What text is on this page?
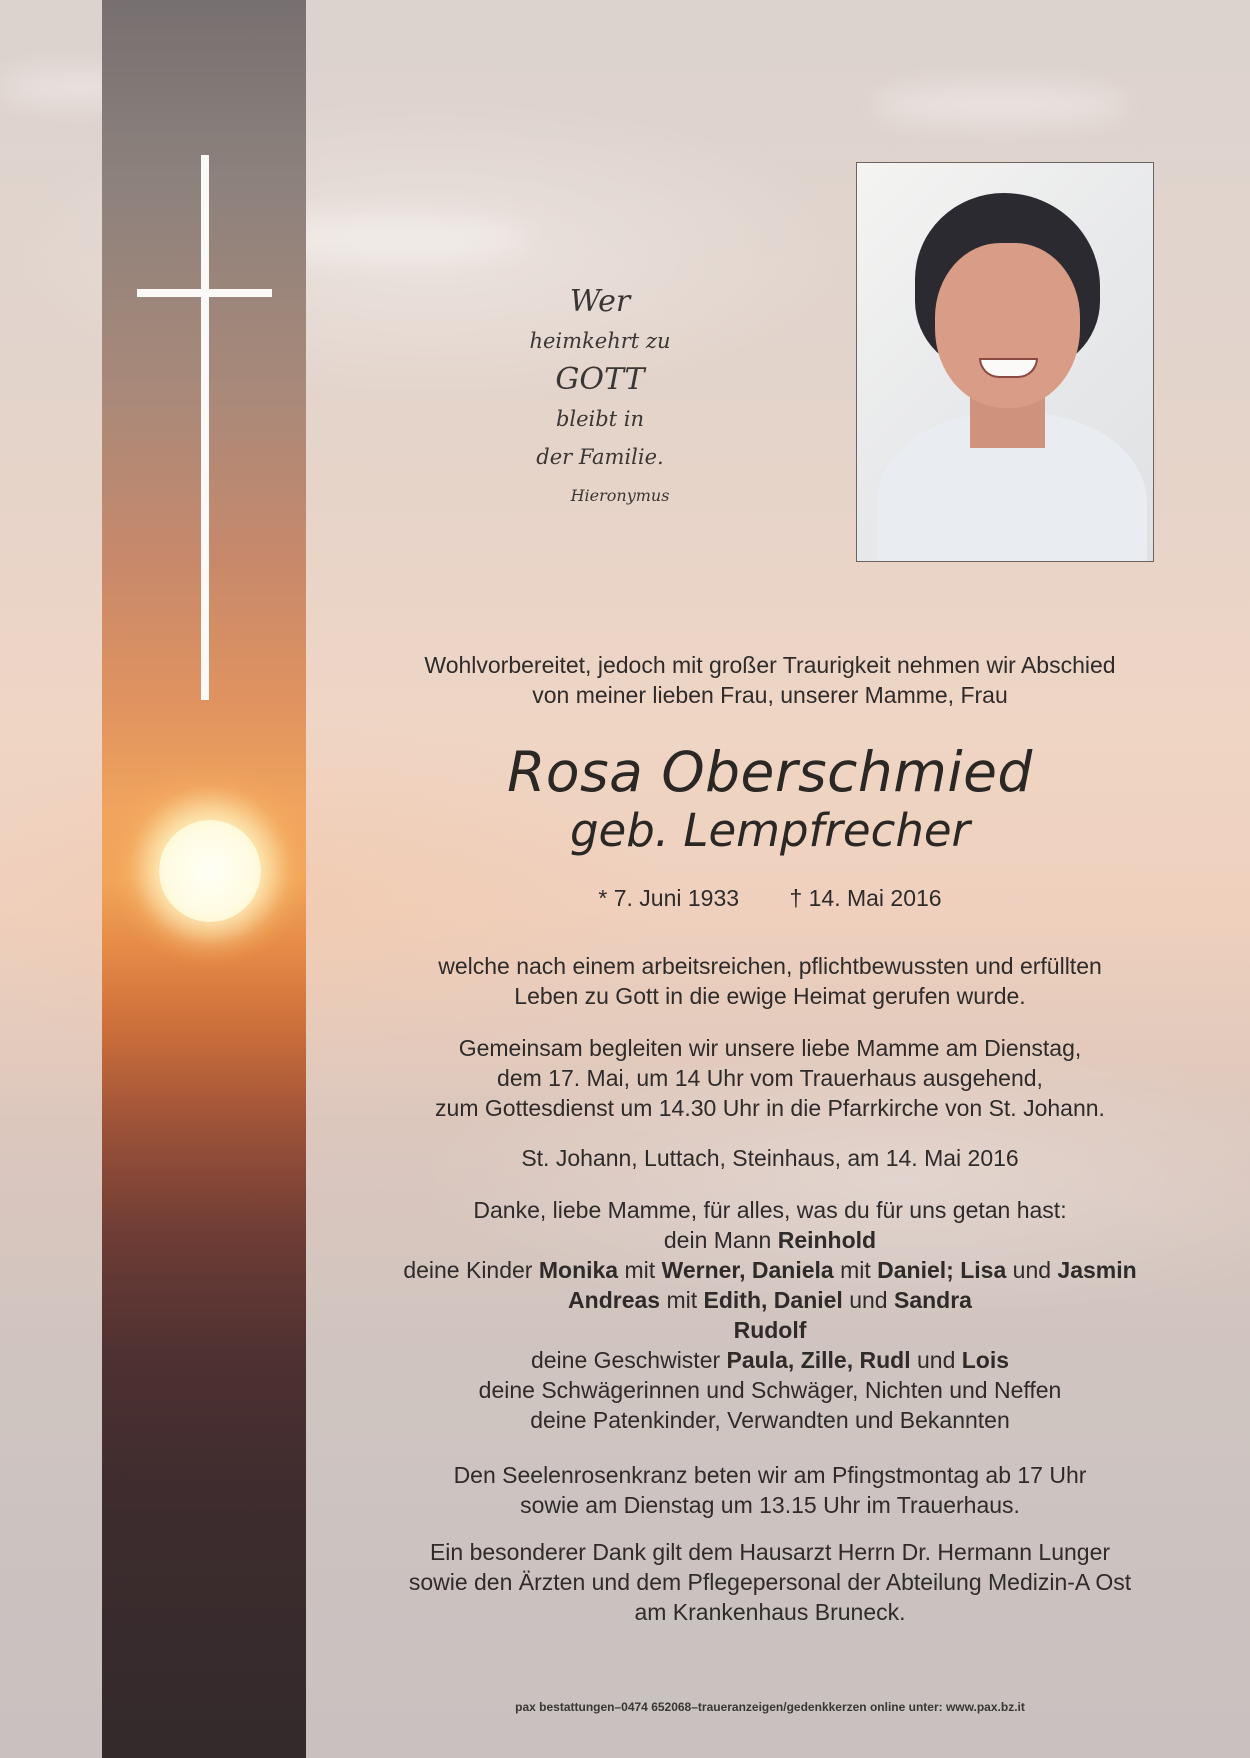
Wer
heimkehrt zu
GOTT
bleibt in
der Familie.
Hieronymus
Wohlvorbereitet, jedoch mit großer Traurigkeit nehmen wir Abschied
von meiner lieben Frau, unserer Mamme, Frau
Rosa Oberschmied
geb. Lempfrecher
* 7. Juni 1933 † 14. Mai 2016
welche nach einem arbeitsreichen, pflichtbewussten und erfüllten
Leben zu Gott in die ewige Heimat gerufen wurde.
Gemeinsam begleiten wir unsere liebe Mamme am Dienstag,
dem 17. Mai, um 14 Uhr vom Trauerhaus ausgehend,
zum Gottesdienst um 14.30 Uhr in die Pfarrkirche von St. Johann.
St. Johann, Luttach, Steinhaus, am 14. Mai 2016
Danke, liebe Mamme, für alles, was du für uns getan hast:
dein Mann Reinhold
deine Kinder Monika mit Werner, Daniela mit Daniel; Lisa und Jasmin
Andreas mit Edith, Daniel und Sandra
Rudolf
deine Geschwister Paula, Zille, Rudl und Lois
deine Schwägerinnen und Schwäger, Nichten und Neffen
deine Patenkinder, Verwandten und Bekannten
Den Seelenrosenkranz beten wir am Pfingstmontag ab 17 Uhr
sowie am Dienstag um 13.15 Uhr im Trauerhaus.
Ein besonderer Dank gilt dem Hausarzt Herrn Dr. Hermann Lunger
sowie den Ärzten und dem Pflegepersonal der Abteilung Medizin-A Ost
am Krankenhaus Bruneck.
pax bestattungen–0474 652068–traueranzeigen/gedenkkerzen online unter: www.pax.bz.it
